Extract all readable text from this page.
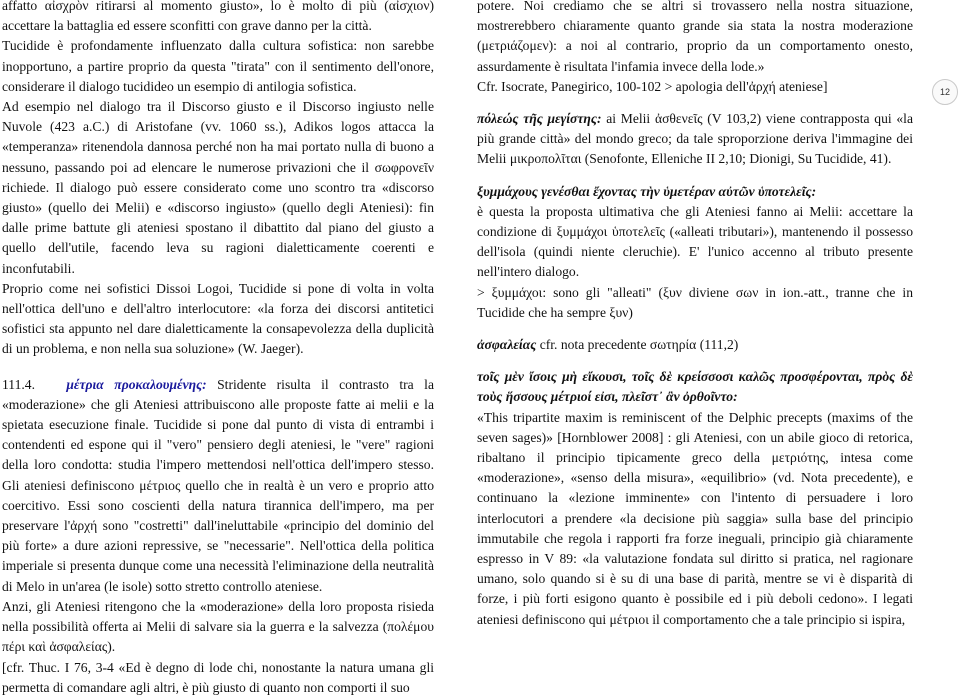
affatto αἰσχρὸν ritirarsi al momento giusto», lo è molto di più (αἰσχιον) accettare la battaglia ed essere sconfitti con grave danno per la città.

Tucidide è profondamente influenzato dalla cultura sofistica: non sarebbe inopportuno, a partire proprio da questa "tirata" con il sentimento dell'onore, considerare il dialogo tucidideo un esempio di antilogia sofistica.

Ad esempio nel dialogo tra il Discorso giusto e il Discorso ingiusto nelle Nuvole (423 a.C.) di Aristofane (vv. 1060 ss.), Adikos logos attacca la «temperanza» ritenendola dannosa perché non ha mai portato nulla di buono a nessuno, passando poi ad elencare le numerose privazioni che il σωφρονεῖν richiede. Il dialogo può essere considerato come uno scontro tra «discorso giusto» (quello dei Melii) e «discorso ingiusto» (quello degli Ateniesi): fin dalle prime battute gli ateniesi spostano il dibattito dal piano del giusto a quello dell'utile, facendo leva su ragioni dialetticamente coerenti e inconfutabili.

Proprio come nei sofistici Dissoi Logoi, Tucidide si pone di volta in volta nell'ottica dell'uno e dell'altro interlocutore: «la forza dei discorsi antitetici sofistici sta appunto nel dare dialetticamente la consapevolezza della duplicità di un problema, e non nella sua soluzione» (W. Jaeger).

111.4. μέτρια προκαλουμένης: Stridente risulta il contrasto tra la «moderazione» che gli Ateniesi attribuiscono alle proposte fatte ai melii e la spietata esecuzione finale. Tucidide si pone dal punto di vista di entrambi i contendenti ed espone qui il "vero" pensiero degli ateniesi, le "vere" ragioni della loro condotta: studia l'impero mettendosi nell'ottica dell'impero stesso. Gli ateniesi definiscono μέτριος quello che in realtà è un vero e proprio atto coercitivo. Essi sono coscienti della natura tirannica dell'impero, ma per preservare l'ἀρχή sono "costretti" dall'ineluttabile «principio del dominio del più forte» a dure azioni repressive, se "necessarie". Nell'ottica della politica imperiale si presenta dunque come una necessità l'eliminazione della neutralità di Melo in un'area (le isole) sotto stretto controllo ateniese.

Anzi, gli Ateniesi ritengono che la «moderazione» della loro proposta risieda nella possibilità offerta ai Melii di salvare sia la guerra e la salvezza (πολέμου πέρι καὶ ἀσφαλείας).

[cfr. Thuc. I 76, 3-4 «Ed è degno di lode chi, nonostante la natura umana gli permetta di comandare agli altri, è più giusto di quanto non comporti il suo

potere. Noi crediamo che se altri si trovassero nella nostra situazione, mostrerebbero chiaramente quanto grande sia stata la nostra moderazione (μετριάζομεν): a noi al contrario, proprio da un comportamento onesto, assurdamente è risultata l'infamia invece della lode.»

Cfr. Isocrate, Panegirico, 100-102 > apologia dell'ἀρχή ateniese]

πόλεώς τῆς μεγίστης: ai Melii ἀσθενεῖς (V 103,2) viene contrapposta qui «la più grande città» del mondo greco; da tale sproporzione deriva l'immagine dei Melii μικροπολῖται (Senofonte, Elleniche II 2,10; Dionigi, Su Tucidide, 41).

ξυμμάχους γενέσθαι ἔχοντας τὴν ὑμετέραν αὐτῶν ὑποτελεῖς:

è questa la proposta ultimativa che gli Ateniesi fanno ai Melii: accettare la condizione di ξυμμάχοι ὑποτελεῖς («alleati tributari»), mantenendo il possesso dell'isola (quindi niente cleruchie). E' l'unico accenno al tributo presente nell'intero dialogo.

> ξυμμάχοι: sono gli "alleati" (ξυν diviene σων in ion.-att., tranne che in Tucidide che ha sempre ξυν)

ἀσφαλείας cfr. nota precedente σωτηρία (111,2)

τοῖς μὲν ἴσοις μὴ εἴκουσι, τοῖς δὲ κρείσσοσι καλῶς προσφέρονται, πρὸς δὲ τοὺς ἥσσους μέτριοί εἰσι, πλεῖστ᾽ ἂν ὀρθοῖντο:

«This tripartite maxim is reminiscent of the Delphic precepts (maxims of the seven sages)» [Hornblower 2008] : gli Ateniesi, con un abile gioco di retorica, ribaltano il principio tipicamente greco della μετριότης, intesa come «moderazione», «senso della misura», «equilibrio» (vd. Nota precedente), e continuano la «lezione imminente» con l'intento di persuadere i loro interlocutori a prendere «la decisione più saggia» sulla base del principio immutabile che regola i rapporti fra forze ineguali, principio già chiaramente espresso in V 89: «la valutazione fondata sul diritto si pratica, nel ragionare umano, solo quando si è su di una base di parità, mentre se vi è disparità di forze, i più forti esigono quanto è possibile ed i più deboli cedono». I legati ateniesi definiscono qui μέτριοι il comportamento che a tale principio si ispira,

12
